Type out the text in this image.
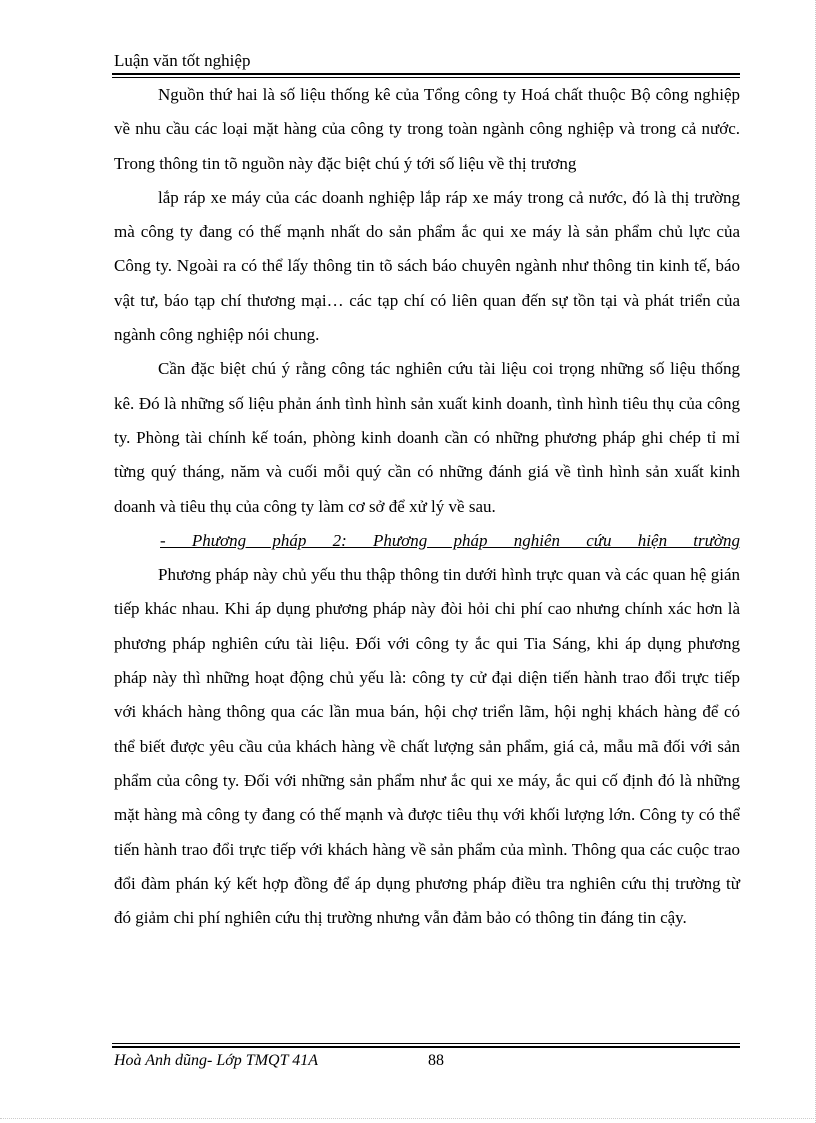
Luận văn tốt nghiệp

Nguồn thứ hai là số liệu thống kê của Tổng công ty Hoá chất thuộc Bộ công nghiệp về nhu cầu các loại mặt hàng của công ty trong toàn ngành công nghiệp và trong cả nước. Trong thông tin tõ nguồn này đặc biệt chú ý tới số liệu về thị trương

lắp ráp xe máy của các doanh nghiệp lắp ráp xe máy trong cả nước, đó là thị trường mà công ty đang có thế mạnh nhất do sản phẩm ắc qui xe máy là sản phẩm chủ lực của Công ty. Ngoài ra có thể lấy thông tin tõ sách báo chuyên ngành như thông tin kinh tế, báo vật tư, báo tạp chí thương mại… các tạp chí có liên quan đến sự tồn tại và phát triển của ngành công nghiệp nói chung.

Cần đặc biệt chú ý rằng công tác nghiên cứu tài liệu coi trọng những số liệu thống kê. Đó là những số liệu phản ánh tình hình sản xuất kinh doanh, tình hình tiêu thụ của công ty. Phòng tài chính kế toán, phòng kinh doanh cần có những phương pháp ghi chép tỉ mỉ từng quý tháng, năm và cuối mỗi quý cần có những đánh giá về tình hình sản xuất kinh doanh và tiêu thụ của công ty làm cơ sở để xử lý về sau.

- Phương pháp 2: Phương pháp nghiên cứu hiện trường

Phương pháp này chủ yếu thu thập thông tin dưới hình trực quan và các quan hệ gián tiếp khác nhau. Khi áp dụng phương pháp này đòi hỏi chi phí cao nhưng chính xác hơn là phương pháp nghiên cứu tài liệu. Đối với công ty ắc qui Tia Sáng, khi áp dụng phương pháp này thì những hoạt động chủ yếu là: công ty cử đại diện tiến hành trao đổi trực tiếp với khách hàng thông qua các lần mua bán, hội chợ triển lãm, hội nghị khách hàng để có thể biết được yêu cầu của khách hàng về chất lượng sản phẩm, giá cả, mẫu mã đối với sản phẩm của công ty. Đối với những sản phẩm như ắc qui xe máy, ắc qui cố định đó là những mặt hàng mà công ty đang có thế mạnh và được tiêu thụ với khối lượng lớn. Công ty có thể tiến hành trao đổi trực tiếp với khách hàng về sản phẩm của mình. Thông qua các cuộc trao đổi đàm phán ký kết hợp đồng để áp dụng phương pháp điều tra nghiên cứu thị trường từ đó giảm chi phí nghiên cứu thị trường nhưng vẫn đảm bảo có thông tin đáng tin cậy.

Hoà Anh dũng- Lớp TMQT 41A	88
